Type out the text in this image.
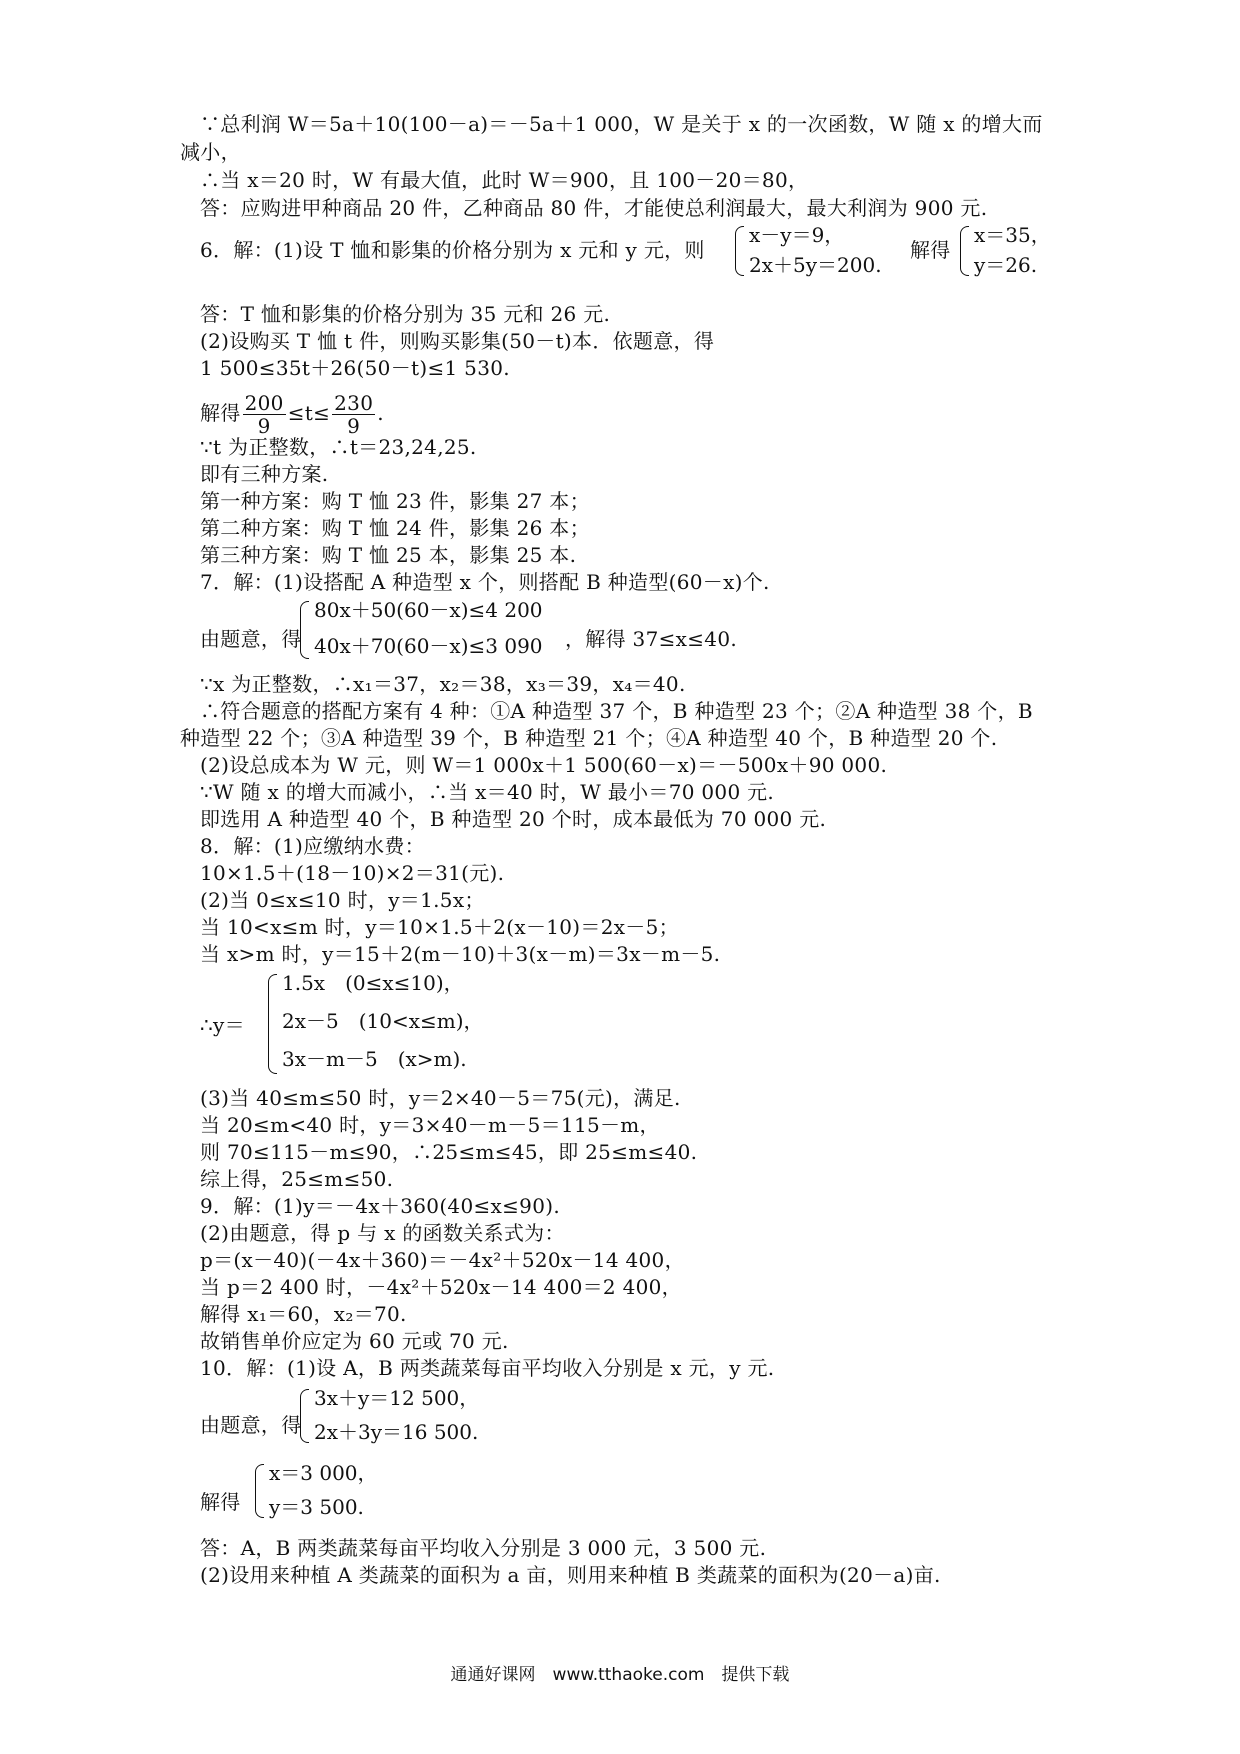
∵总利润 W＝5a＋10(100－a)＝－5a＋1 000，W 是关于 x 的一次函数，W 随 x 的增大而
减小，
∴当 x＝20 时，W 有最大值，此时 W＝900，且 100－20＝80，
答：应购进甲种商品 20 件，乙种商品 80 件，才能使总利润最大，最大利润为 900 元.
6．解：(1)设 T 恤和影集的价格分别为 x 元和 y 元，则
x－y＝9，
2x＋5y＝200.
解得
x＝35，
y＝26.
答：T 恤和影集的价格分别为 35 元和 26 元.
(2)设购买 T 恤 t 件，则购买影集(50－t)本．依题意，得
1 500≤35t＋26(50－t)≤1 530.
解得 $\frac{200}{9} \le t\le \frac{230}{9}$ .
∵t 为正整数，∴t＝23,24,25.
即有三种方案.
第一种方案：购 T 恤 23 件，影集 27 本；
第二种方案：购 T 恤 24 件，影集 26 本；
第三种方案：购 T 恤 25 本，影集 25 本.
7．解：(1)设搭配 A 种造型 x 个，则搭配 B 种造型(60－x)个.
由题意，得
80x＋50(60－x)≤4 200
40x＋70(60－x)≤3 090 ，解得 37≤x≤40.
∵x 为正整数，∴x₁＝37，x₂＝38，x₃＝39，x₄＝40.
∴符合题意的搭配方案有 4 种：①A 种造型 37 个，B 种造型 23 个；②A 种造型 38 个，B
种造型 22 个；③A 种造型 39 个，B 种造型 21 个；④A 种造型 40 个，B 种造型 20 个.
(2)设总成本为 W 元，则 W＝1 000x＋1 500(60－x)＝－500x＋90 000.
∵W 随 x 的增大而减小，∴当 x＝40 时，W 最小＝70 000 元.
即选用 A 种造型 40 个，B 种造型 20 个时，成本最低为 70 000 元.
8．解：(1)应缴纳水费：
10×1.5＋(18－10)×2＝31(元).
(2)当 0≤x≤10 时，y＝1.5x；
当 10<x≤m 时，y＝10×1.5＋2(x－10)＝2x－5；
当 x>m 时，y＝15＋2(m－10)＋3(x－m)＝3x－m－5.
∴y＝
1.5x　(0≤x≤10)，
2x－5　(10<x≤m)，
3x－m－5　(x>m).
(3)当 40≤m≤50 时，y＝2×40－5＝75(元)，满足.
当 20≤m<40 时，y＝3×40－m－5＝115－m，
则 70≤115－m≤90，∴25≤m≤45，即 25≤m≤40.
综上得，25≤m≤50.
9．解：(1)y＝－4x＋360(40≤x≤90).
(2)由题意，得 p 与 x 的函数关系式为：
p＝(x－40)(－4x＋360)＝－4x²＋520x－14 400，
当 p＝2 400 时，－4x²＋520x－14 400＝2 400，
解得 x₁＝60，x₂＝70.
故销售单价应定为 60 元或 70 元.
10．解：(1)设 A，B 两类蔬菜每亩平均收入分别是 x 元，y 元.
由题意，得
3x＋y＝12 500，
2x＋3y＝16 500.
解得
x＝3 000，
y＝3 500.
答：A，B 两类蔬菜每亩平均收入分别是 3 000 元，3 500 元.
(2)设用来种植 A 类蔬菜的面积为 a 亩，则用来种植 B 类蔬菜的面积为(20－a)亩.
通通好课网　www.tthaoke.com　提供下载
